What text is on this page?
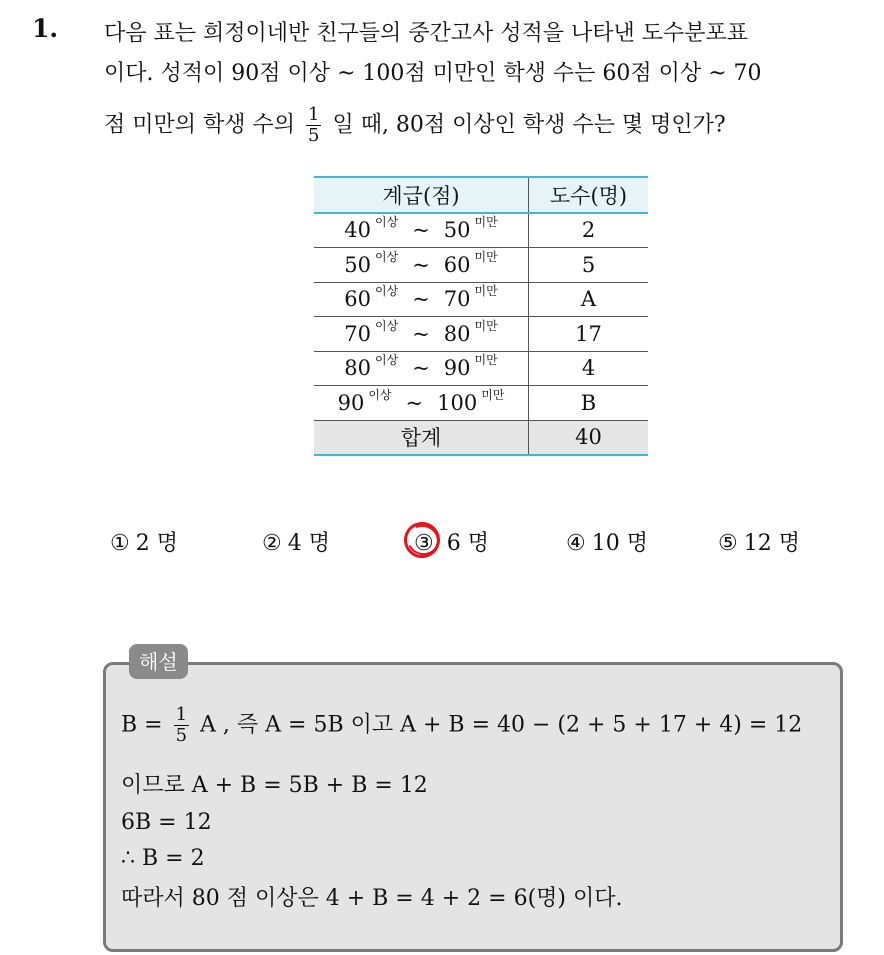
1. 다음 표는 희정이네반 친구들의 중간고사 성적을 나타낸 도수분포표
이다. 성적이 90점 이상 ~ 100점 미만인 학생 수는 60점 이상 ~ 70
점 미만의 학생 수의 $\frac{1}{5}$ 일 때, 80점 이상인 학생 수는 몇 명인가?
계급(점)	도수(명)

40 $^{이상}$ ~ 50 $^{미만}$	2

50 $^{이상}$ ~ 60 $^{미만}$	5

60 $^{이상}$ ~ 70 $^{미만}$	A

70 $^{이상}$ ~ 80 $^{미만}$	17

80 $^{이상}$ ~ 90 $^{미만}$	4

90 $^{이상}$ ~ 100 $^{미만}$	B
합계	40
① 2 명	② 4 명	③ 6 명	④ 10 명	⑤ 12 명
해설
$B = \frac{1}{5}$ A , 즉 A = 5B 이고 A + B = 40 − (2 + 5 + 17 + 4) = 12
이므로 A + B = 5B + B = 12
6B = 12
∴ B = 2
따라서 80 점 이상은 4 + B = 4 + 2 = 6(명) 이다.
